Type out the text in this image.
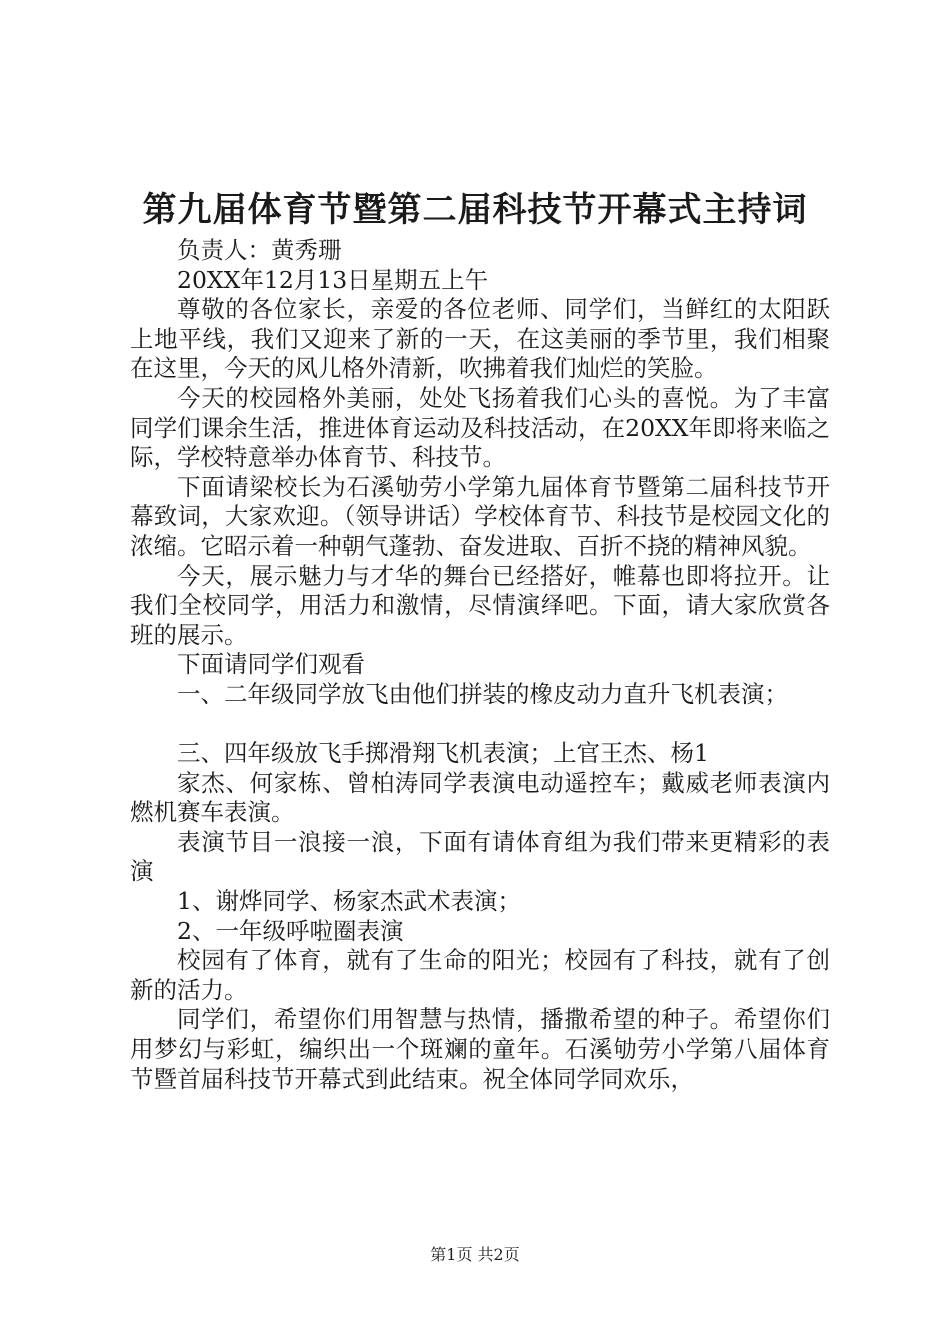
第九届体育节暨第二届科技节开幕式主持词

负责人：黄秀珊

20XX年12月13日星期五上午

尊敬的各位家长，亲爱的各位老师、同学们，当鲜红的太阳跃上地平线，我们又迎来了新的一天，在这美丽的季节里，我们相聚在这里，今天的风儿格外清新，吹拂着我们灿烂的笑脸。

今天的校园格外美丽，处处飞扬着我们心头的喜悦。为了丰富同学们课余生活，推进体育运动及科技活动，在20XX年即将来临之际，学校特意举办体育节、科技节。

下面请梁校长为石溪劬劳小学第九届体育节暨第二届科技节开幕致词，大家欢迎。（领导讲话）学校体育节、科技节是校园文化的浓缩。它昭示着一种朝气蓬勃、奋发进取、百折不挠的精神风貌。

今天，展示魅力与才华的舞台已经搭好，帷幕也即将拉开。让我们全校同学，用活力和激情，尽情演绎吧。下面，请大家欣赏各班的展示。

下面请同学们观看

一、二年级同学放飞由他们拼装的橡皮动力直升飞机表演；

三、四年级放飞手掷滑翔飞机表演；上官王杰、杨1

家杰、何家栋、曾柏涛同学表演电动遥控车；戴威老师表演内燃机赛车表演。

表演节目一浪接一浪，下面有请体育组为我们带来更精彩的表演

1、谢烨同学、杨家杰武术表演；

2、一年级呼啦圈表演

校园有了体育，就有了生命的阳光；校园有了科技，就有了创新的活力。

同学们，希望你们用智慧与热情，播撒希望的种子。希望你们用梦幻与彩虹，编织出一个斑斓的童年。石溪劬劳小学第八届体育节暨首届科技节开幕式到此结束。祝全体同学同欢乐，

第1页 共2页
